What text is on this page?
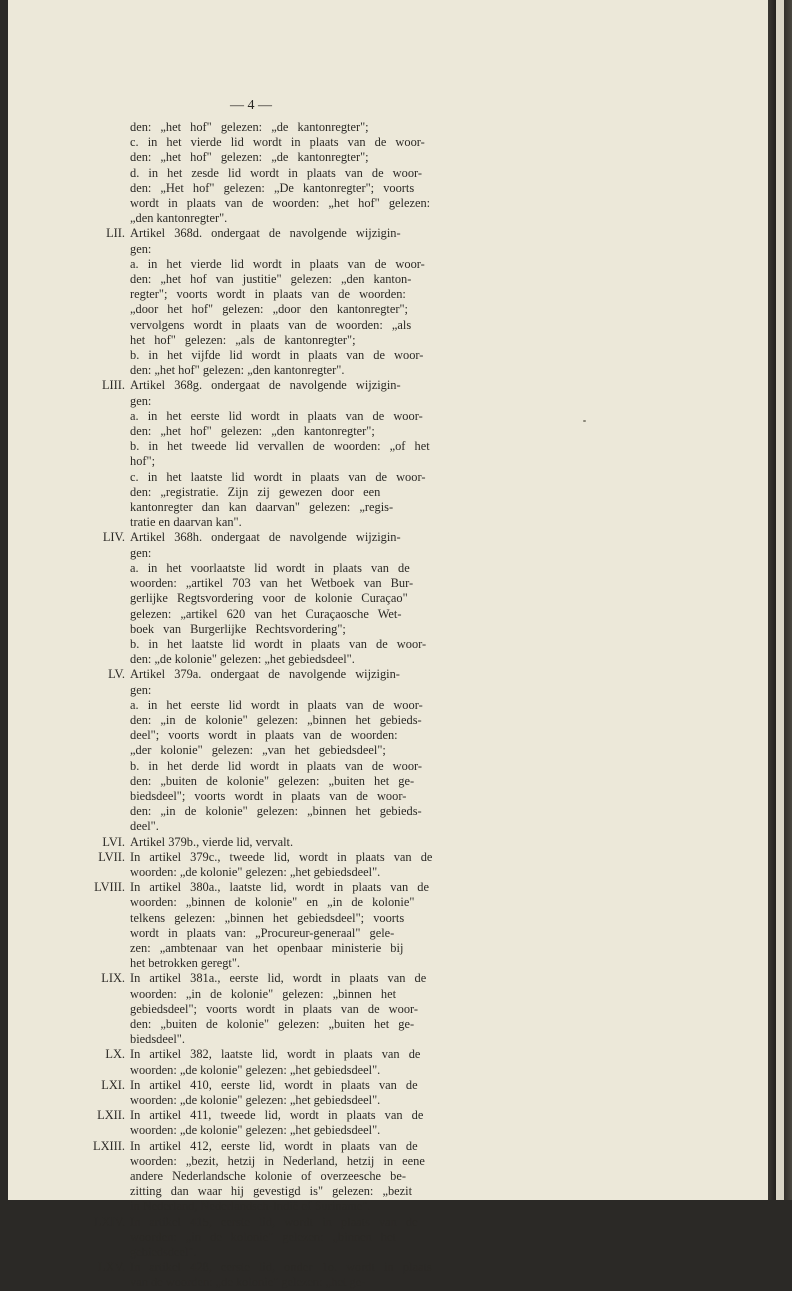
— 4 —
den: „het hof" gelezen: „de kantonregter";
c. in het vierde lid wordt in plaats van de woor-
den: „het hof" gelezen: „de kantonregter";
d. in het zesde lid wordt in plaats van de woor-
den: „Het hof" gelezen: „De kantonregter"; voorts
wordt in plaats van de woorden: „het hof" gelezen:
„den kantonregter".
LII. Artikel 368d. ondergaat de navolgende wijzigin-
gen:
a. in het vierde lid wordt in plaats van de woor-
den: „het hof van justitie" gelezen: „den kanton-
regter"; voorts wordt in plaats van de woorden:
„door het hof" gelezen: „door den kantonregter";
vervolgens wordt in plaats van de woorden: „als
het hof" gelezen: „als de kantonregter";
b. in het vijfde lid wordt in plaats van de woor-
den: „het hof" gelezen: „den kantonregter".
LIII. Artikel 368g. ondergaat de navolgende wijzigin-
gen:
a. in het eerste lid wordt in plaats van de woor-
den: „het hof" gelezen: „den kantonregter";
b. in het tweede lid vervallen de woorden: „of het
hof";
c. in het laatste lid wordt in plaats van de woor-
den: „registratie. Zijn zij gewezen door een
kantonregter dan kan daarvan" gelezen: „regis-
tratie en daarvan kan".
LIV. Artikel 368h. ondergaat de navolgende wijzigin-
gen:
a. in het voorlaatste lid wordt in plaats van de
woorden: „artikel 703 van het Wetboek van Bur-
gerlijke Regtsvordering voor de kolonie Curaçao"
gelezen: „artikel 620 van het Curaçaosche Wet-
boek van Burgerlijke Rechtsvordering";
b. in het laatste lid wordt in plaats van de woor-
den: „de kolonie" gelezen: „het gebiedsdeel".
LV. Artikel 379a. ondergaat de navolgende wijzigin-
gen:
a. in het eerste lid wordt in plaats van de woor-
den: „in de kolonie" gelezen: „binnen het gebieds-
deel"; voorts wordt in plaats van de woorden:
„der kolonie" gelezen: „van het gebiedsdeel";
b. in het derde lid wordt in plaats van de woor-
den: „buiten de kolonie" gelezen: „buiten het ge-
biedsdeel"; voorts wordt in plaats van de woor-
den: „in de kolonie" gelezen: „binnen het gebieds-
deel".
LVI. Artikel 379b., vierde lid, vervalt.
LVII. In artikel 379c., tweede lid, wordt in plaats van de
woorden: „de kolonie" gelezen: „het gebiedsdeel".
LVIII. In artikel 380a., laatste lid, wordt in plaats van de
woorden: „binnen de kolonie" en „in de kolonie"
telkens gelezen: „binnen het gebiedsdeel"; voorts
wordt in plaats van: „Procureur-generaal" gele-
zen: „ambtenaar van het openbaar ministerie bij
het betrokken geregt".
LIX. In artikel 381a., eerste lid, wordt in plaats van de
woorden: „in de kolonie" gelezen: „binnen het
gebiedsdeel"; voorts wordt in plaats van de woor-
den: „buiten de kolonie" gelezen: „buiten het ge-
biedsdeel".
LX. In artikel 382, laatste lid, wordt in plaats van de
woorden: „de kolonie" gelezen: „het gebiedsdeel".
LXI. In artikel 410, eerste lid, wordt in plaats van de
woorden: „de kolonie" gelezen: „het gebiedsdeel".
LXII. In artikel 411, tweede lid, wordt in plaats van de
woorden: „de kolonie" gelezen: „het gebiedsdeel".
LXIII. In artikel 412, eerste lid, wordt in plaats van de
woorden: „bezit, hetzij in Nederland, hetzij in eene
andere Nederlandsche kolonie of overzeesche be-
zitting dan waar hij gevestigd is" gelezen: „bezit
in Nederland, Nederlandsch-Indië of Suriname".
LXIV. In artikel 415, eerste lid, wordt in plaats van de
woorden: „in de kolonie" gelezen: „binnen het
gebiedsdeel".
LXV. In artikel 428, eerste lid, onder 1o. wordt in plaats
van de woorden: „de kolonie" gelezen: „het ge-
